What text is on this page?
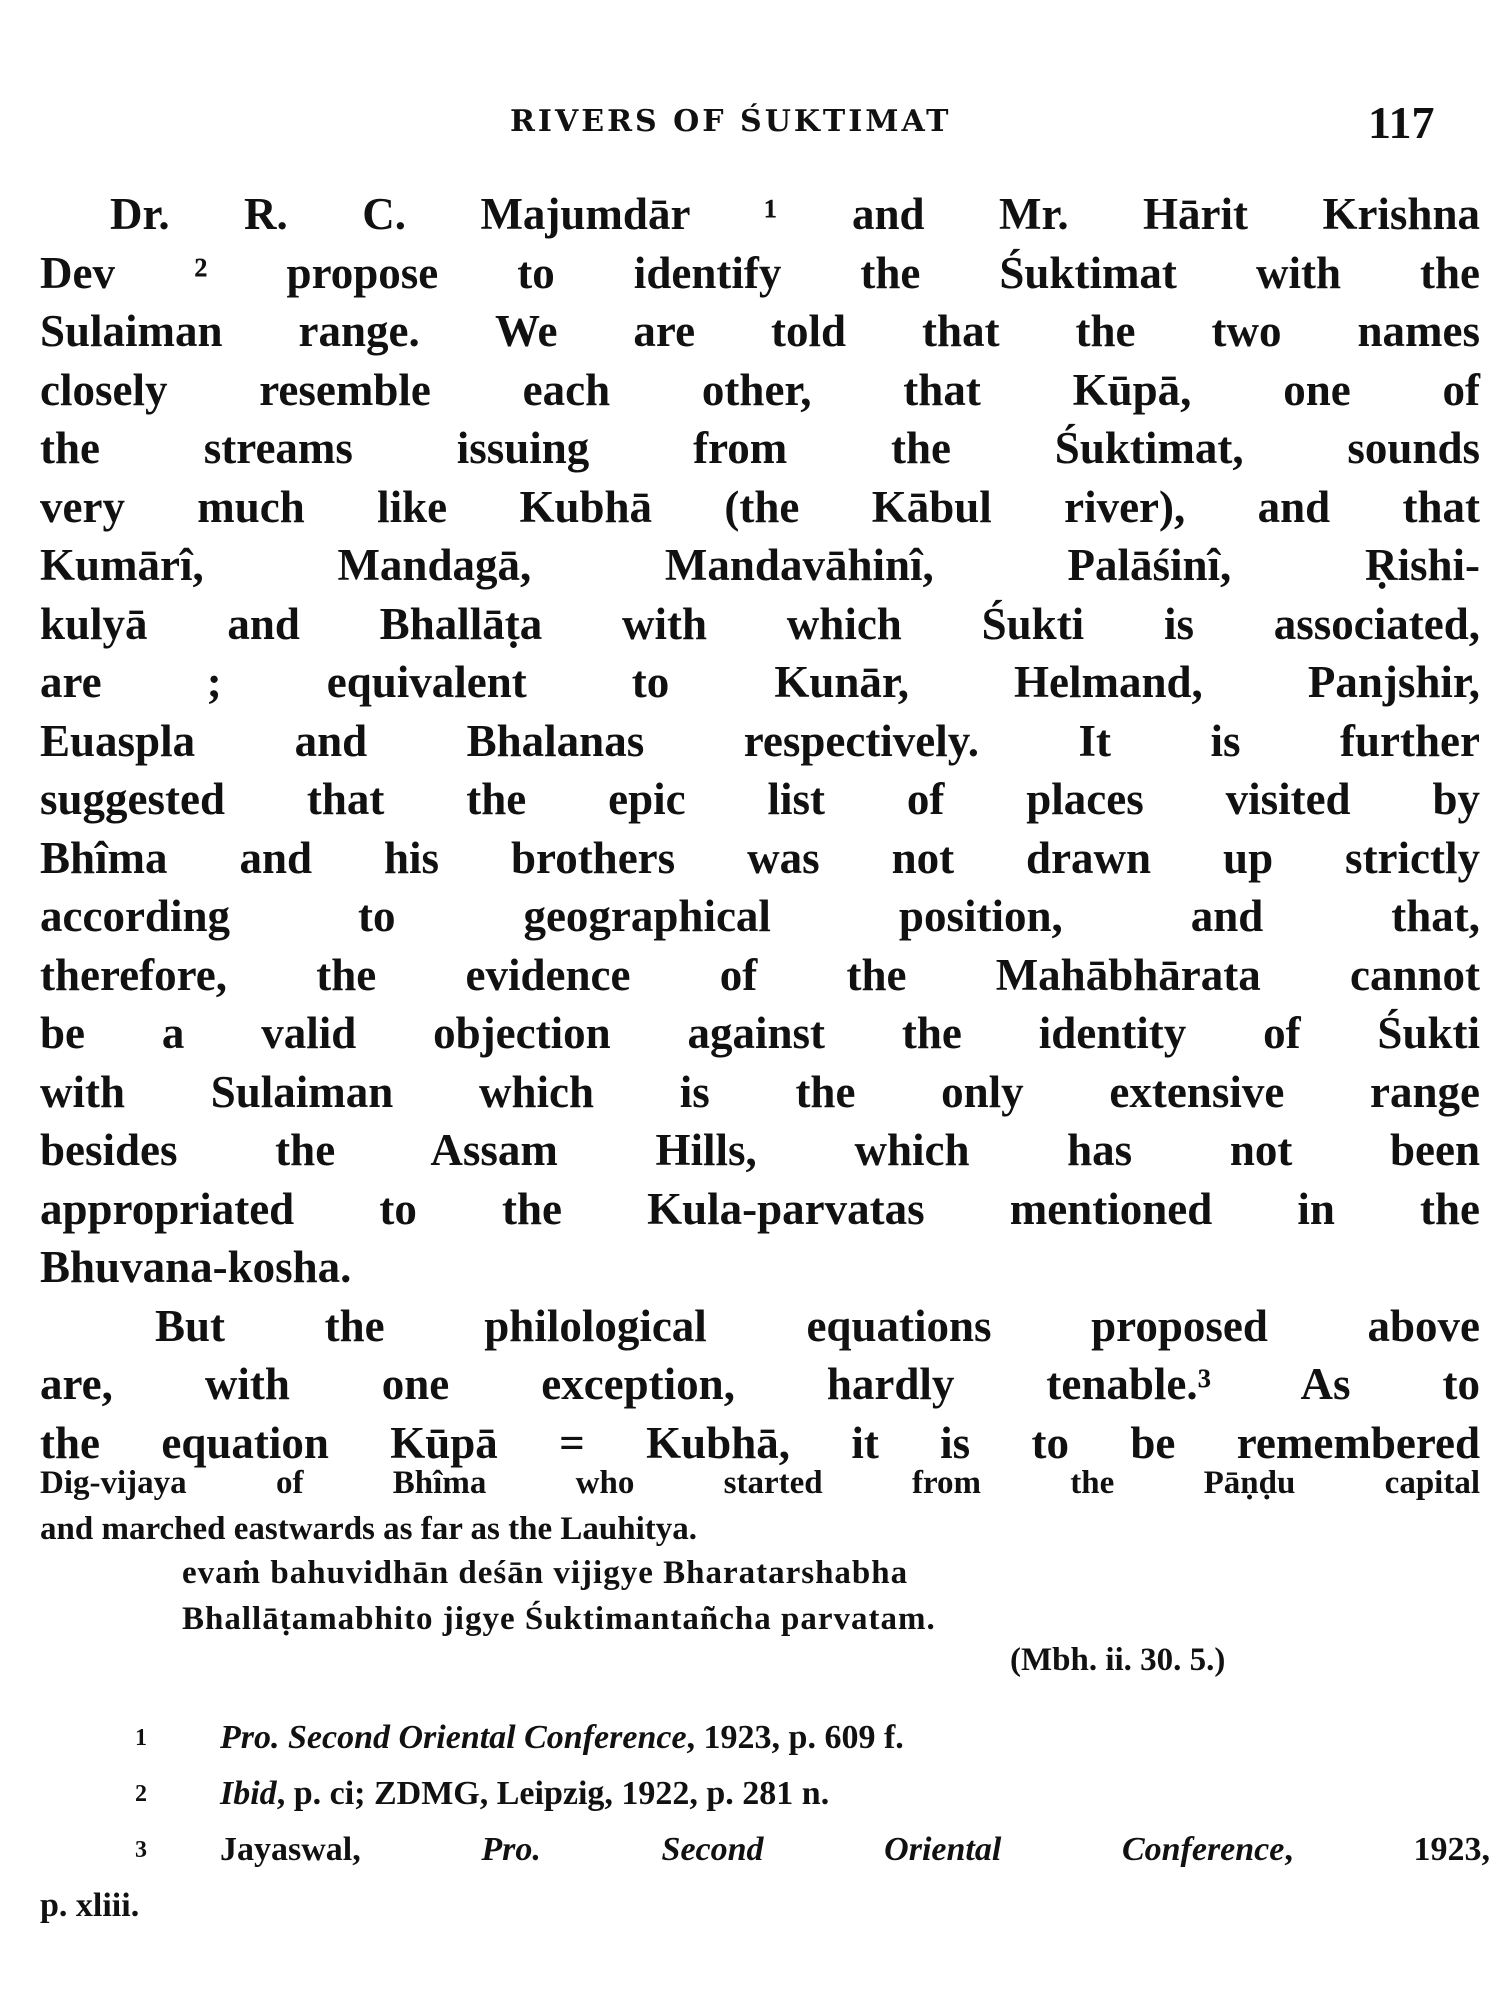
RIVERS OF ŚUKTIMAT	117
Dr. R. C. Majumdār ¹ and Mr. Hārit Krishna
Dev ² propose to identify the Śuktimat with the
Sulaiman range. We are told that the two names
closely resemble each other, that Kūpā, one of
the streams issuing from the Śuktimat, sounds
very much like Kubhā (the Kābul river), and that
Kumārî, Mandagā, Mandavāhinî, Palāśinî, Ṛishi-
kulyā and Bhallāṭa with which Śukti is associated,
are ; equivalent to Kunār, Helmand, Panjshir,
Euaspla and Bhalanas respectively. It is further
suggested that the epic list of places visited by
Bhîma and his brothers was not drawn up strictly
according to geographical position, and that,
therefore, the evidence of the Mahābhārata cannot
be a valid objection against the identity of Śukti
with Sulaiman which is the only extensive range
besides the Assam Hills, which has not been
appropriated to the Kula-parvatas mentioned in the
Bhuvana-kosha.
But the philological equations proposed above
are, with one exception, hardly tenable.³ As to
the equation Kūpā = Kubhā, it is to be remembered
Dig-vijaya of Bhîma who started from the Pāṇḍu capital
and marched eastwards as far as the Lauhitya.
evaṁ bahuvidhān deśān vijigye Bharatarshabha
Bhallāṭamabhito jigye Śuktimantañcha parvatam.
(Mbh. ii. 30. 5.)
1	Pro. Second Oriental Conference, 1923, p. 609 f.
2	Ibid, p. ci; ZDMG, Leipzig, 1922, p. 281 n.
3	Jayaswal, Pro. Second Oriental Conference, 1923,
p. xliii.
